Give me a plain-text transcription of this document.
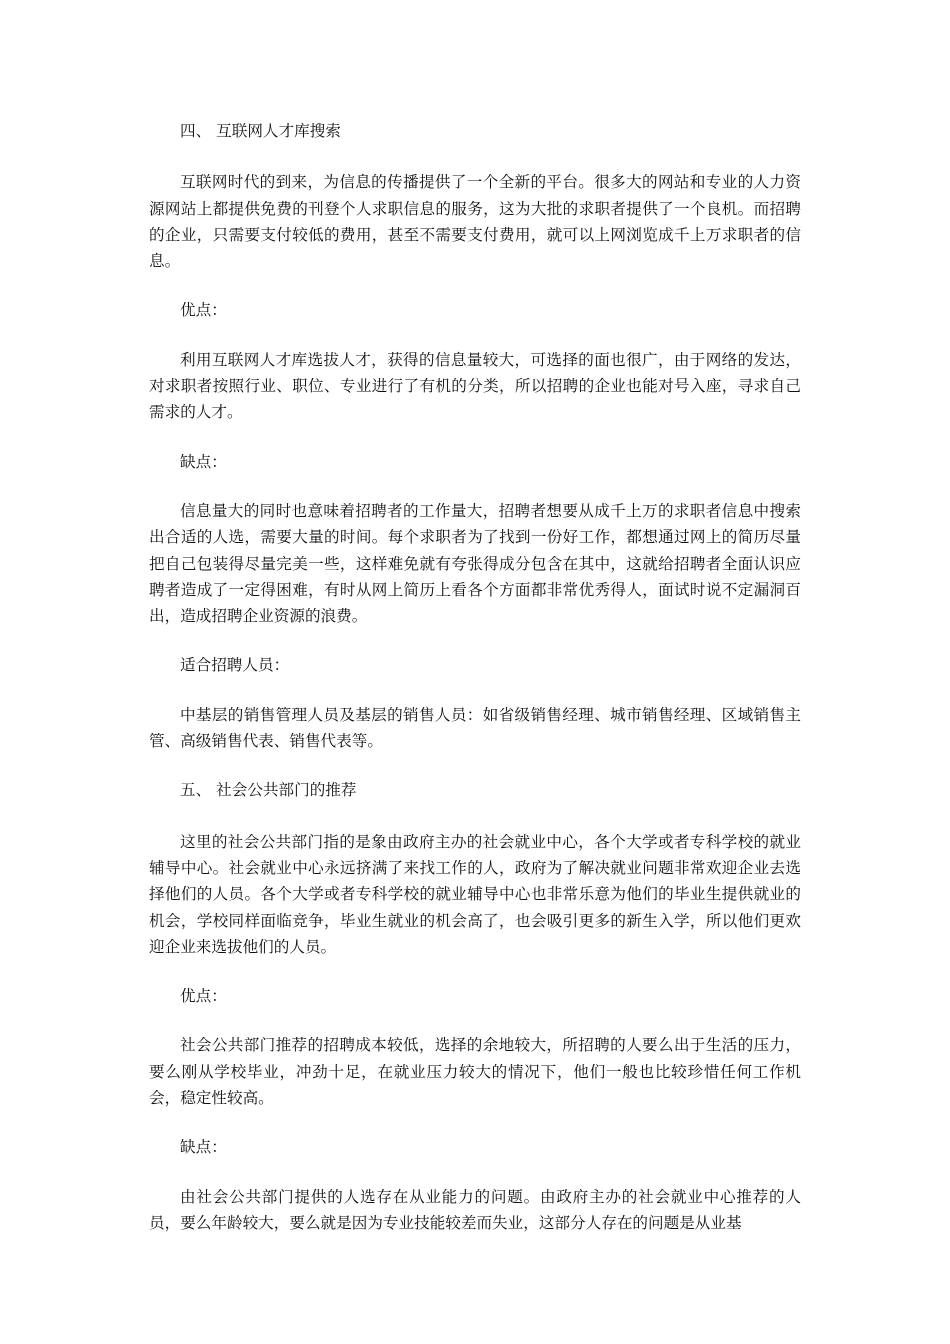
四、 互联网人才库搜索

互联网时代的到来，为信息的传播提供了一个全新的平台。很多大的网站和专业的人力资源网站上都提供免费的刊登个人求职信息的服务，这为大批的求职者提供了一个良机。而招聘的企业，只需要支付较低的费用，甚至不需要支付费用，就可以上网浏览成千上万求职者的信息。

优点：

利用互联网人才库选拔人才，获得的信息量较大，可选择的面也很广，由于网络的发达，对求职者按照行业、职位、专业进行了有机的分类，所以招聘的企业也能对号入座，寻求自己需求的人才。

缺点：

信息量大的同时也意味着招聘者的工作量大，招聘者想要从成千上万的求职者信息中搜索出合适的人选，需要大量的时间。每个求职者为了找到一份好工作，都想通过网上的简历尽量把自己包装得尽量完美一些，这样难免就有夸张得成分包含在其中，这就给招聘者全面认识应聘者造成了一定得困难，有时从网上简历上看各个方面都非常优秀得人，面试时说不定漏洞百出，造成招聘企业资源的浪费。

适合招聘人员：

中基层的销售管理人员及基层的销售人员：如省级销售经理、城市销售经理、区域销售主管、高级销售代表、销售代表等。

五、 社会公共部门的推荐

这里的社会公共部门指的是象由政府主办的社会就业中心，各个大学或者专科学校的就业辅导中心。社会就业中心永远挤满了来找工作的人，政府为了解决就业问题非常欢迎企业去选择他们的人员。各个大学或者专科学校的就业辅导中心也非常乐意为他们的毕业生提供就业的机会，学校同样面临竞争，毕业生就业的机会高了，也会吸引更多的新生入学，所以他们更欢迎企业来选拔他们的人员。

优点：

社会公共部门推荐的招聘成本较低，选择的余地较大，所招聘的人要么出于生活的压力，要么刚从学校毕业，冲劲十足，在就业压力较大的情况下，他们一般也比较珍惜任何工作机会，稳定性较高。

缺点：

由社会公共部门提供的人选存在从业能力的问题。由政府主办的社会就业中心推荐的人员，要么年龄较大，要么就是因为专业技能较差而失业，这部分人存在的问题是从业基
